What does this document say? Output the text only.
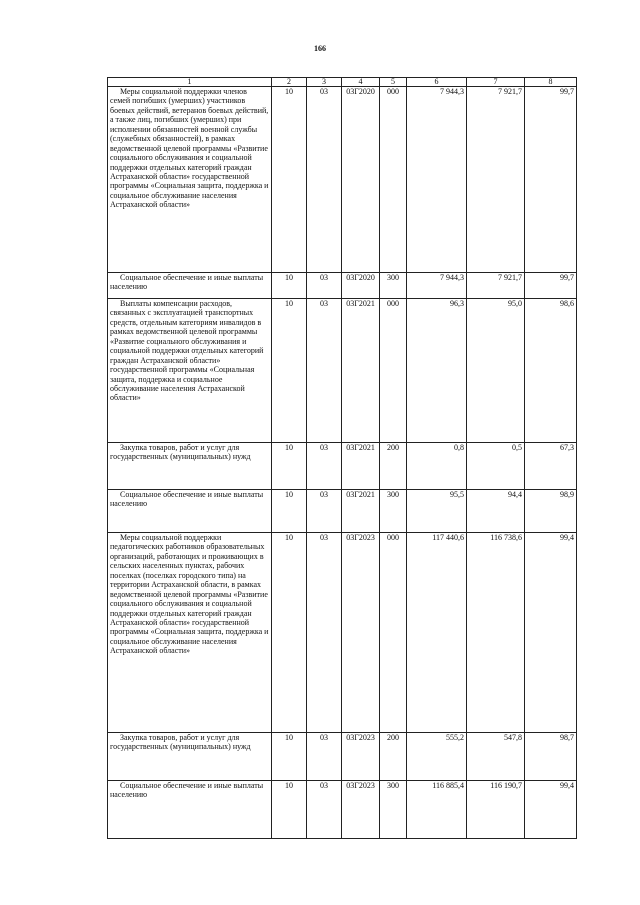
166
1	2	3	4	5	6	7	8
Меры социальной поддержки членов семей погибших (умерших) участников боевых действий, ветеранов боевых действий, а также лиц, погибших (умерших) при исполнении обязанностей военной службы (служебных обязанностей), в рамках ведомственной целевой программы «Развитие социального обслуживания и социальной поддержки отдельных категорий граждан Астраханской области» государственной программы «Социальная защита, поддержка и социальное обслуживание населения Астраханской области»	10	03	03Г2020	000	7 944,3	7 921,7	99,7
Социальное обеспечение и иные выплаты населению	10	03	03Г2020	300	7 944,3	7 921,7	99,7
Выплаты компенсации расходов, связанных с эксплуатацией транспортных средств, отдельным категориям инвалидов в рамках ведомственной целевой программы «Развитие социального обслуживания и социальной поддержки отдельных категорий граждан Астраханской области» государственной программы «Социальная защита, поддержка и социальное обслуживание населения Астраханской области»	10	03	03Г2021	000	96,3	95,0	98,6
Закупка товаров, работ и услуг для государственных (муниципальных) нужд	10	03	03Г2021	200	0,8	0,5	67,3
Социальное обеспечение и иные выплаты населению	10	03	03Г2021	300	95,5	94,4	98,9
Меры социальной поддержки педагогических работников образовательных организаций, работающих и проживающих в сельских населенных пунктах, рабочих поселках (поселках городского типа) на территории Астраханской области, в рамках ведомственной целевой программы «Развитие социального обслуживания и социальной поддержки отдельных категорий граждан Астраханской области» государственной программы «Социальная защита, поддержка и социальное обслуживание населения Астраханской области»	10	03	03Г2023	000	117 440,6	116 738,6	99,4
Закупка товаров, работ и услуг для государственных (муниципальных) нужд	10	03	03Г2023	200	555,2	547,8	98,7
Социальное обеспечение и иные выплаты населению	10	03	03Г2023	300	116 885,4	116 190,7	99,4
